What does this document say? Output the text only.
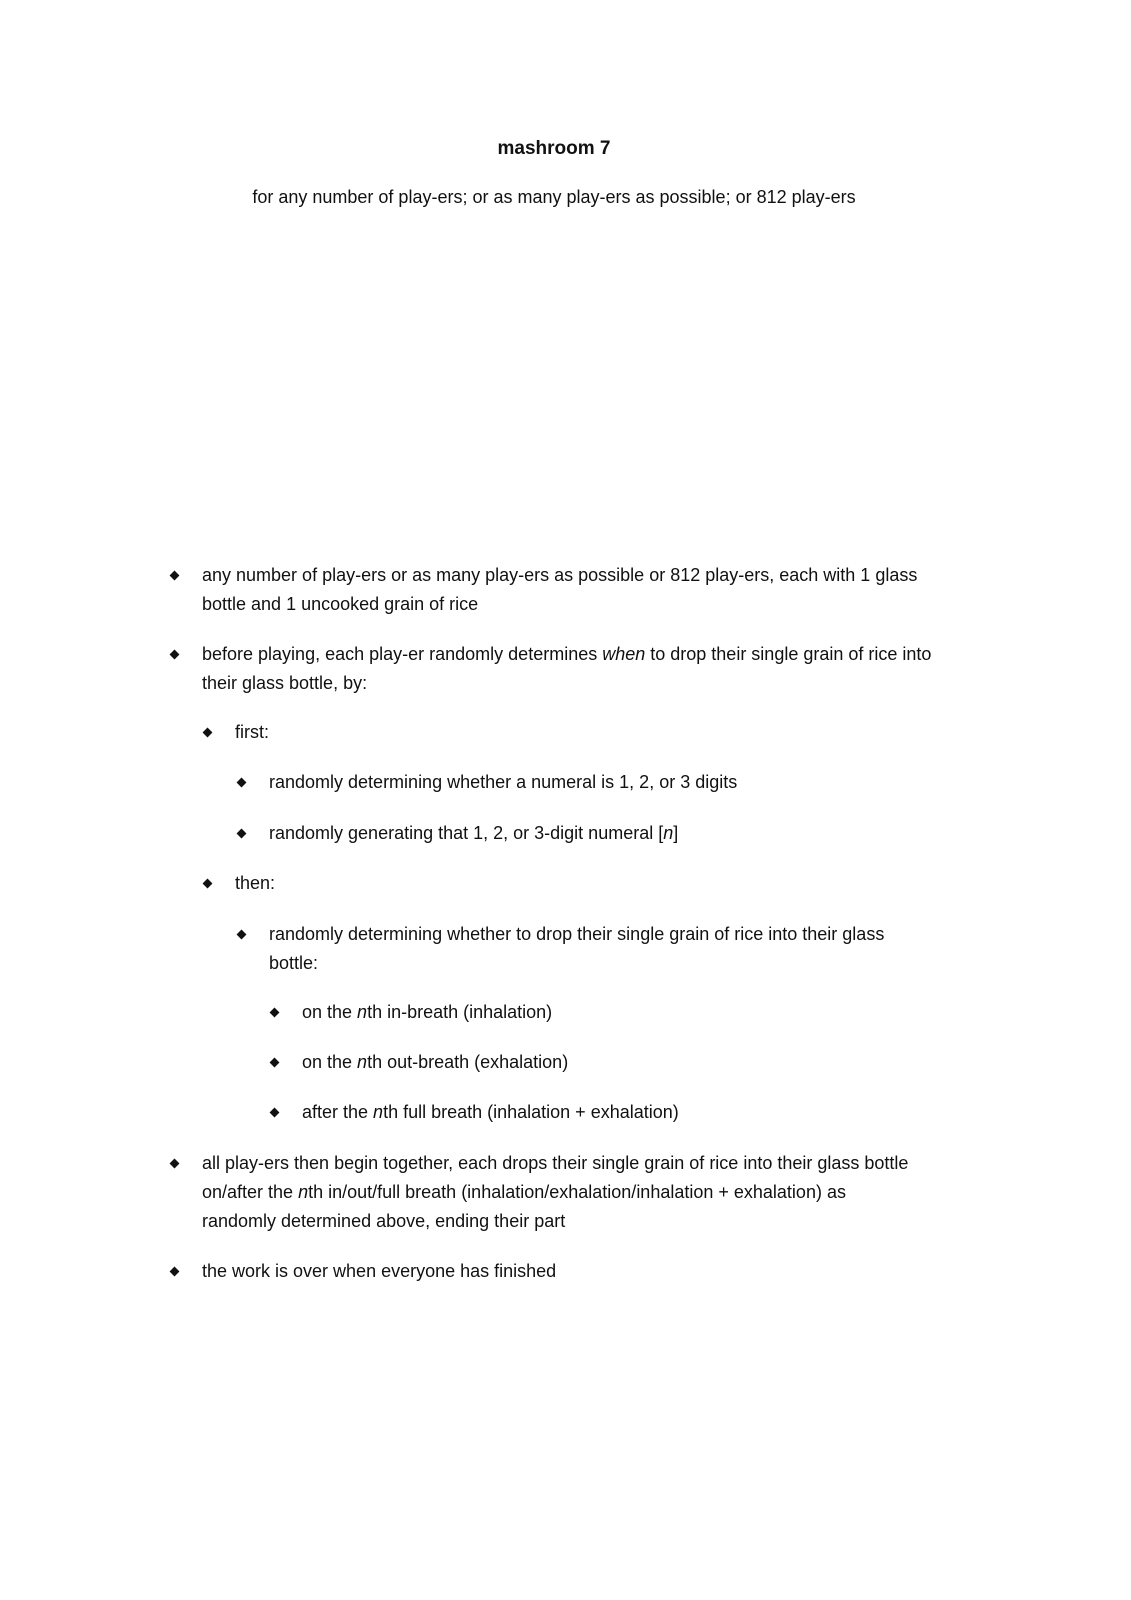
mashroom 7
for any number of play-ers; or as many play-ers as possible; or 812 play-ers
any number of play-ers or as many play-ers as possible or 812 play-ers, each with 1 glass
bottle and 1 uncooked grain of rice
before playing, each play-er randomly determines when to drop their single grain of rice into
their glass bottle, by:
first:
randomly determining whether a numeral is 1, 2, or 3 digits
randomly generating that 1, 2, or 3-digit numeral [n]
then:
randomly determining whether to drop their single grain of rice into their glass
bottle:
on the nth in-breath (inhalation)
on the nth out-breath (exhalation)
after the nth full breath (inhalation + exhalation)
all play-ers then begin together, each drops their single grain of rice into their glass bottle
on/after the nth in/out/full breath (inhalation/exhalation/inhalation + exhalation) as
randomly determined above, ending their part
the work is over when everyone has finished
